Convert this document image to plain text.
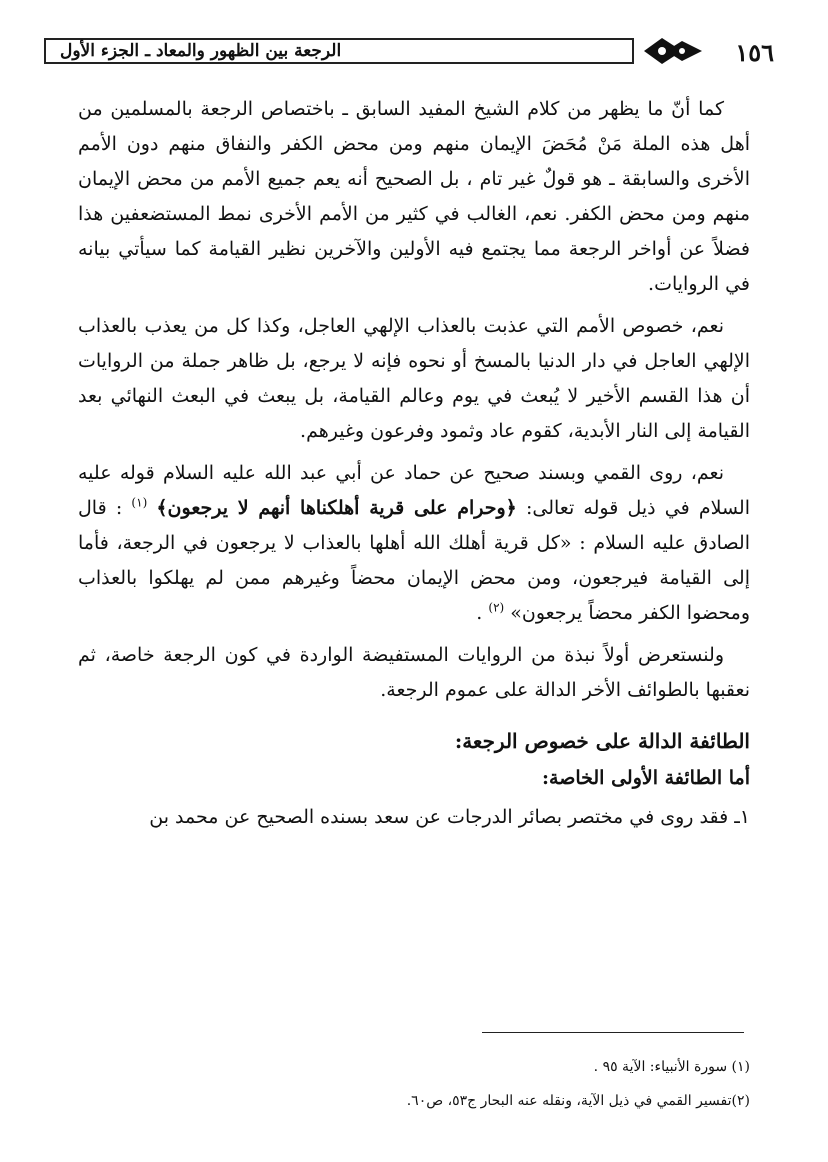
الرجعة بين الظهور والمعاد ـ الجزء الأول	١٥٦

كما أنّ ما يظهر من كلام الشيخ المفيد السابق ـ باختصاص الرجعة بالمسلمين من أهل هذه الملة مَنْ مُحَضَ الإيمان منهم ومن محض الكفر والنفاق منهم دون الأمم الأخرى والسابقة ـ هو قولٌ غير تام ، بل الصحيح أنه يعم جميع الأمم من محض الإيمان منهم ومن محض الكفر. نعم، الغالب في كثير من الأمم الأخرى نمط المستضعفين هذا فضلاً عن أواخر الرجعة مما يجتمع فيه الأولين والآخرين نظير القيامة كما سيأتي بيانه في الروايات.

نعم، خصوص الأمم التي عذبت بالعذاب الإلهي العاجل، وكذا كل من يعذب بالعذاب الإلهي العاجل في دار الدنيا بالمسخ أو نحوه فإنه لا يرجع، بل ظاهر جملة من الروايات أن هذا القسم الأخير لا يُبعث في يوم وعالم القيامة، بل يبعث في البعث النهائي بعد القيامة إلى النار الأبدية، كقوم عاد وثمود وفرعون وغيرهم.

نعم، روى القمي وبسند صحيح عن حماد عن أبي عبد الله عليه السلام قوله عليه السلام في ذيل قوله تعالى: ﴿وحرام على قرية أهلكناها أنهم لا يرجعون﴾ $^{(١)}$ : قال الصادق عليه السلام : «كل قرية أهلك الله أهلها بالعذاب لا يرجعون في الرجعة، فأما إلى القيامة فيرجعون، ومن محض الإيمان محضاً وغيرهم ممن لم يهلكوا بالعذاب ومحضوا الكفر محضاً يرجعون» $^{(٢)}$ .

ولنستعرض أولاً نبذة من الروايات المستفيضة الواردة في كون الرجعة خاصة، ثم نعقبها بالطوائف الأخر الدالة على عموم الرجعة.

الطائفة الدالة على خصوص الرجعة:

أما الطائفة الأولى الخاصة:

١ـ فقد روى في مختصر بصائر الدرجات عن سعد بسنده الصحيح عن محمد بن

(١) سورة الأنبياء: الآية ٩٥ .
(٢)تفسير القمي في ذيل الآية، ونقله عنه البحار ج٥٣، ص٦٠.
